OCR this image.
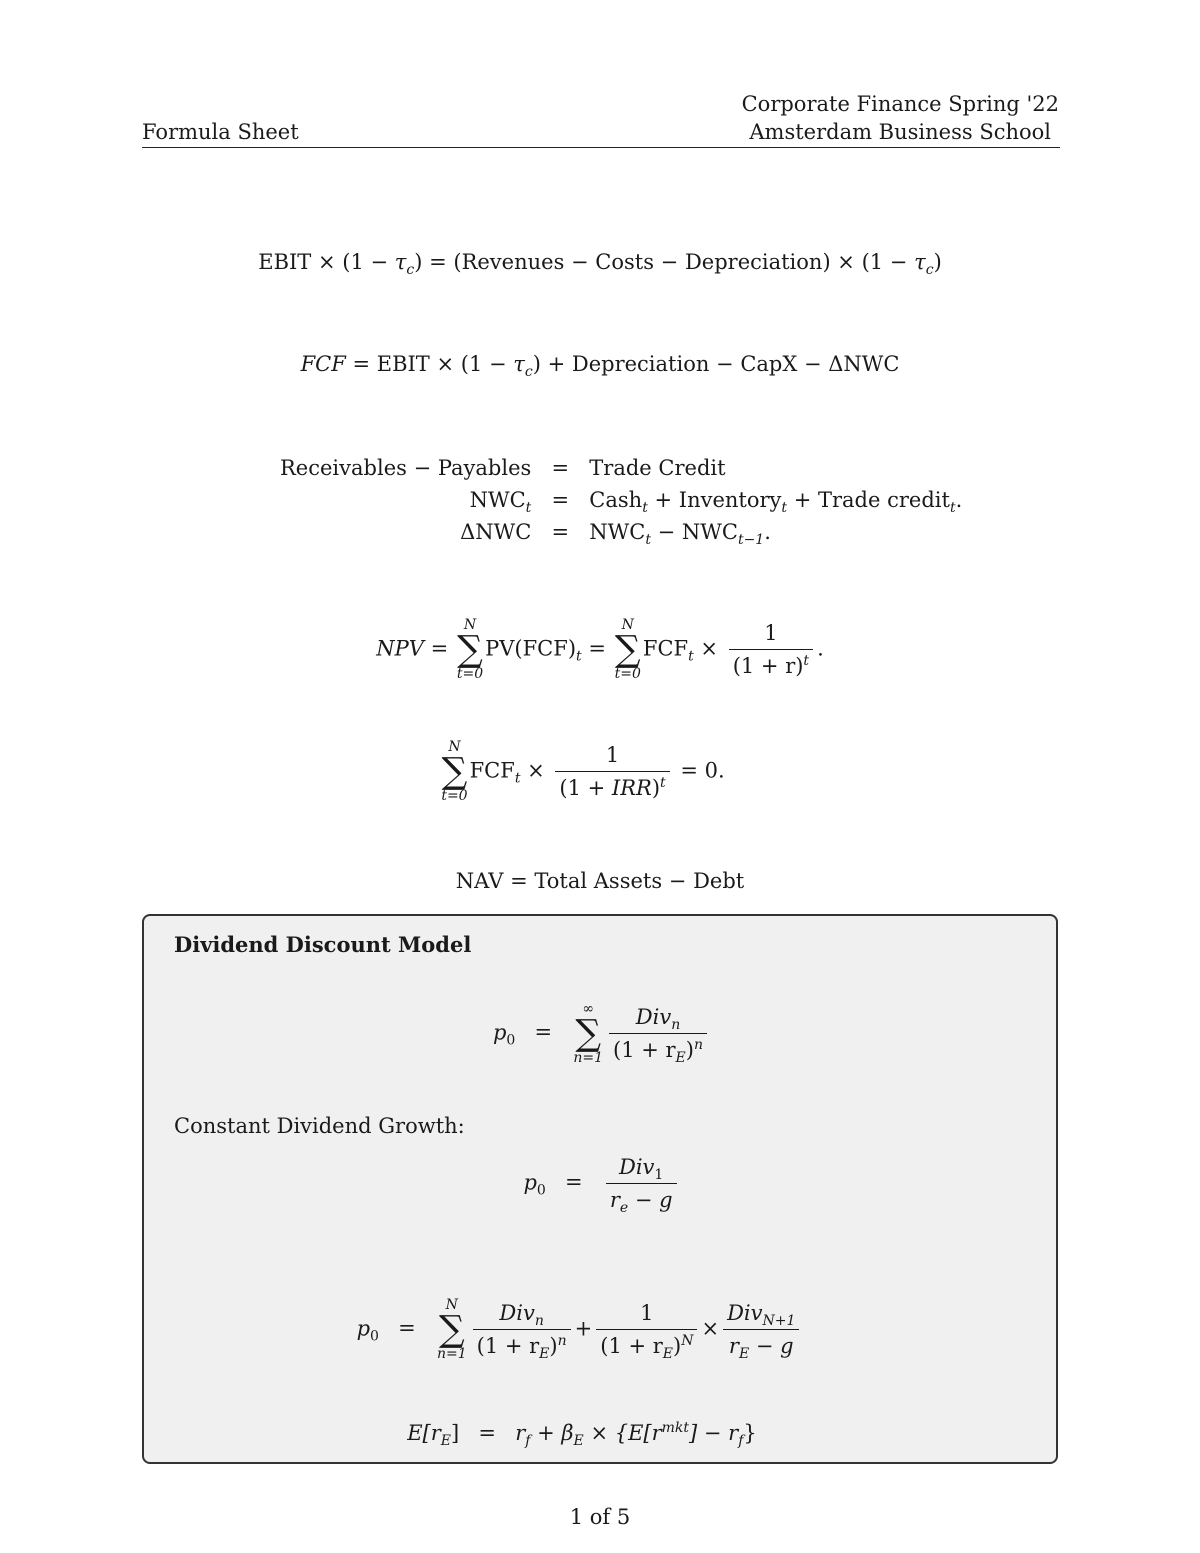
Formula Sheet
Corporate Finance Spring '22
Amsterdam Business School
EBIT × $(1 - \tau_c)$ = (Revenues − Costs − Depreciation) × $(1 - \tau_c)$
FCF = EBIT × $(1 - \tau_c)$ + Depreciation − CapX − ΔNWC
Receivables − Payables	=	Trade Credit
$NWC_t$	=	Cash$_t$ + Inventory$_t$ + Trade credit$_t$.
ΔNWC	=	$NWC_t - NWC_{t-1}$.
NPV =
N
∑
t=0
$PV(FCF)_t$ =
N
∑
t=0
$FCF_t \times \frac{1}{(1 + r)^t}$ .
N
∑
t=0
$FCF_t \times \frac{1}{(1 + IRR)^t} = 0$.
NAV = Total Assets − Debt
Dividend Discount Model
$p_0$ =
∞
∑
$n=1 \frac{Div_n}{(1 + r_E)^n}$
Constant Dividend Growth:
$p_0 = \frac{Div_1}{r_e - g}$
$p_0$ =
N
∑
$n=1 \frac{Div_n}{(1 + r_E)^n} + \frac{1}{(1 + r_E)^N} \times \frac{Div_{N+1}}{r_E - g}$
$E[r_E] = r_f + \beta_E \times \{E[r^{mkt}] - r_f\}$
1 of 5
